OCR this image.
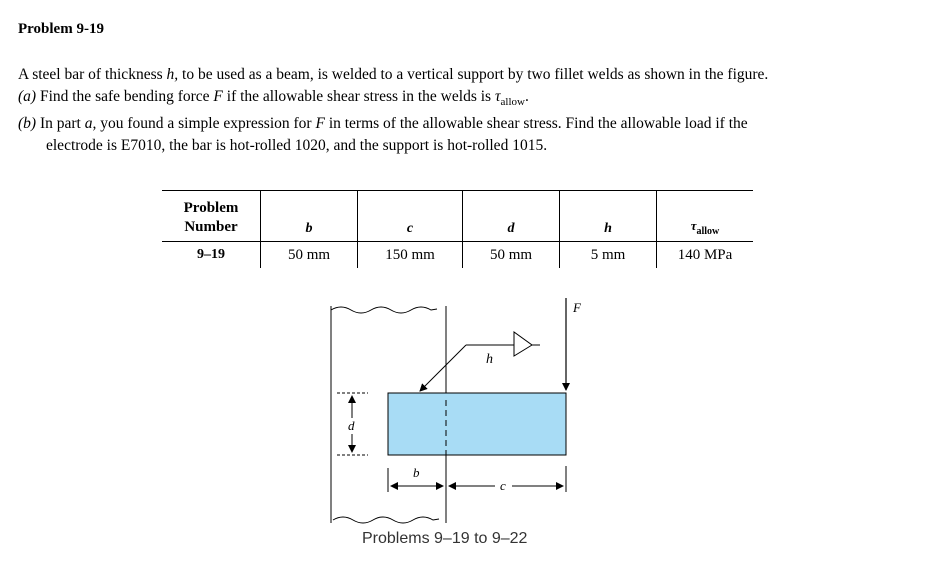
Problem 9-19

A steel bar of thickness h, to be used as a beam, is welded to a vertical support by two fillet welds as shown in the figure.

(a) Find the safe bending force F if the allowable shear stress in the welds is $\tau_{allow}$.

(b) In part a, you found a simple expression for F in terms of the allowable shear stress. Find the allowable load if the

electrode is E7010, the bar is hot-rolled 1020, and the support is hot-rolled 1015.

Problem
Number	b	c	d	h	$\tau_{allow}$
9–19	50 mm	150 mm	50 mm	5 mm	140 MPa
h
F
d
b
c
Problems 9–19 to 9–22
